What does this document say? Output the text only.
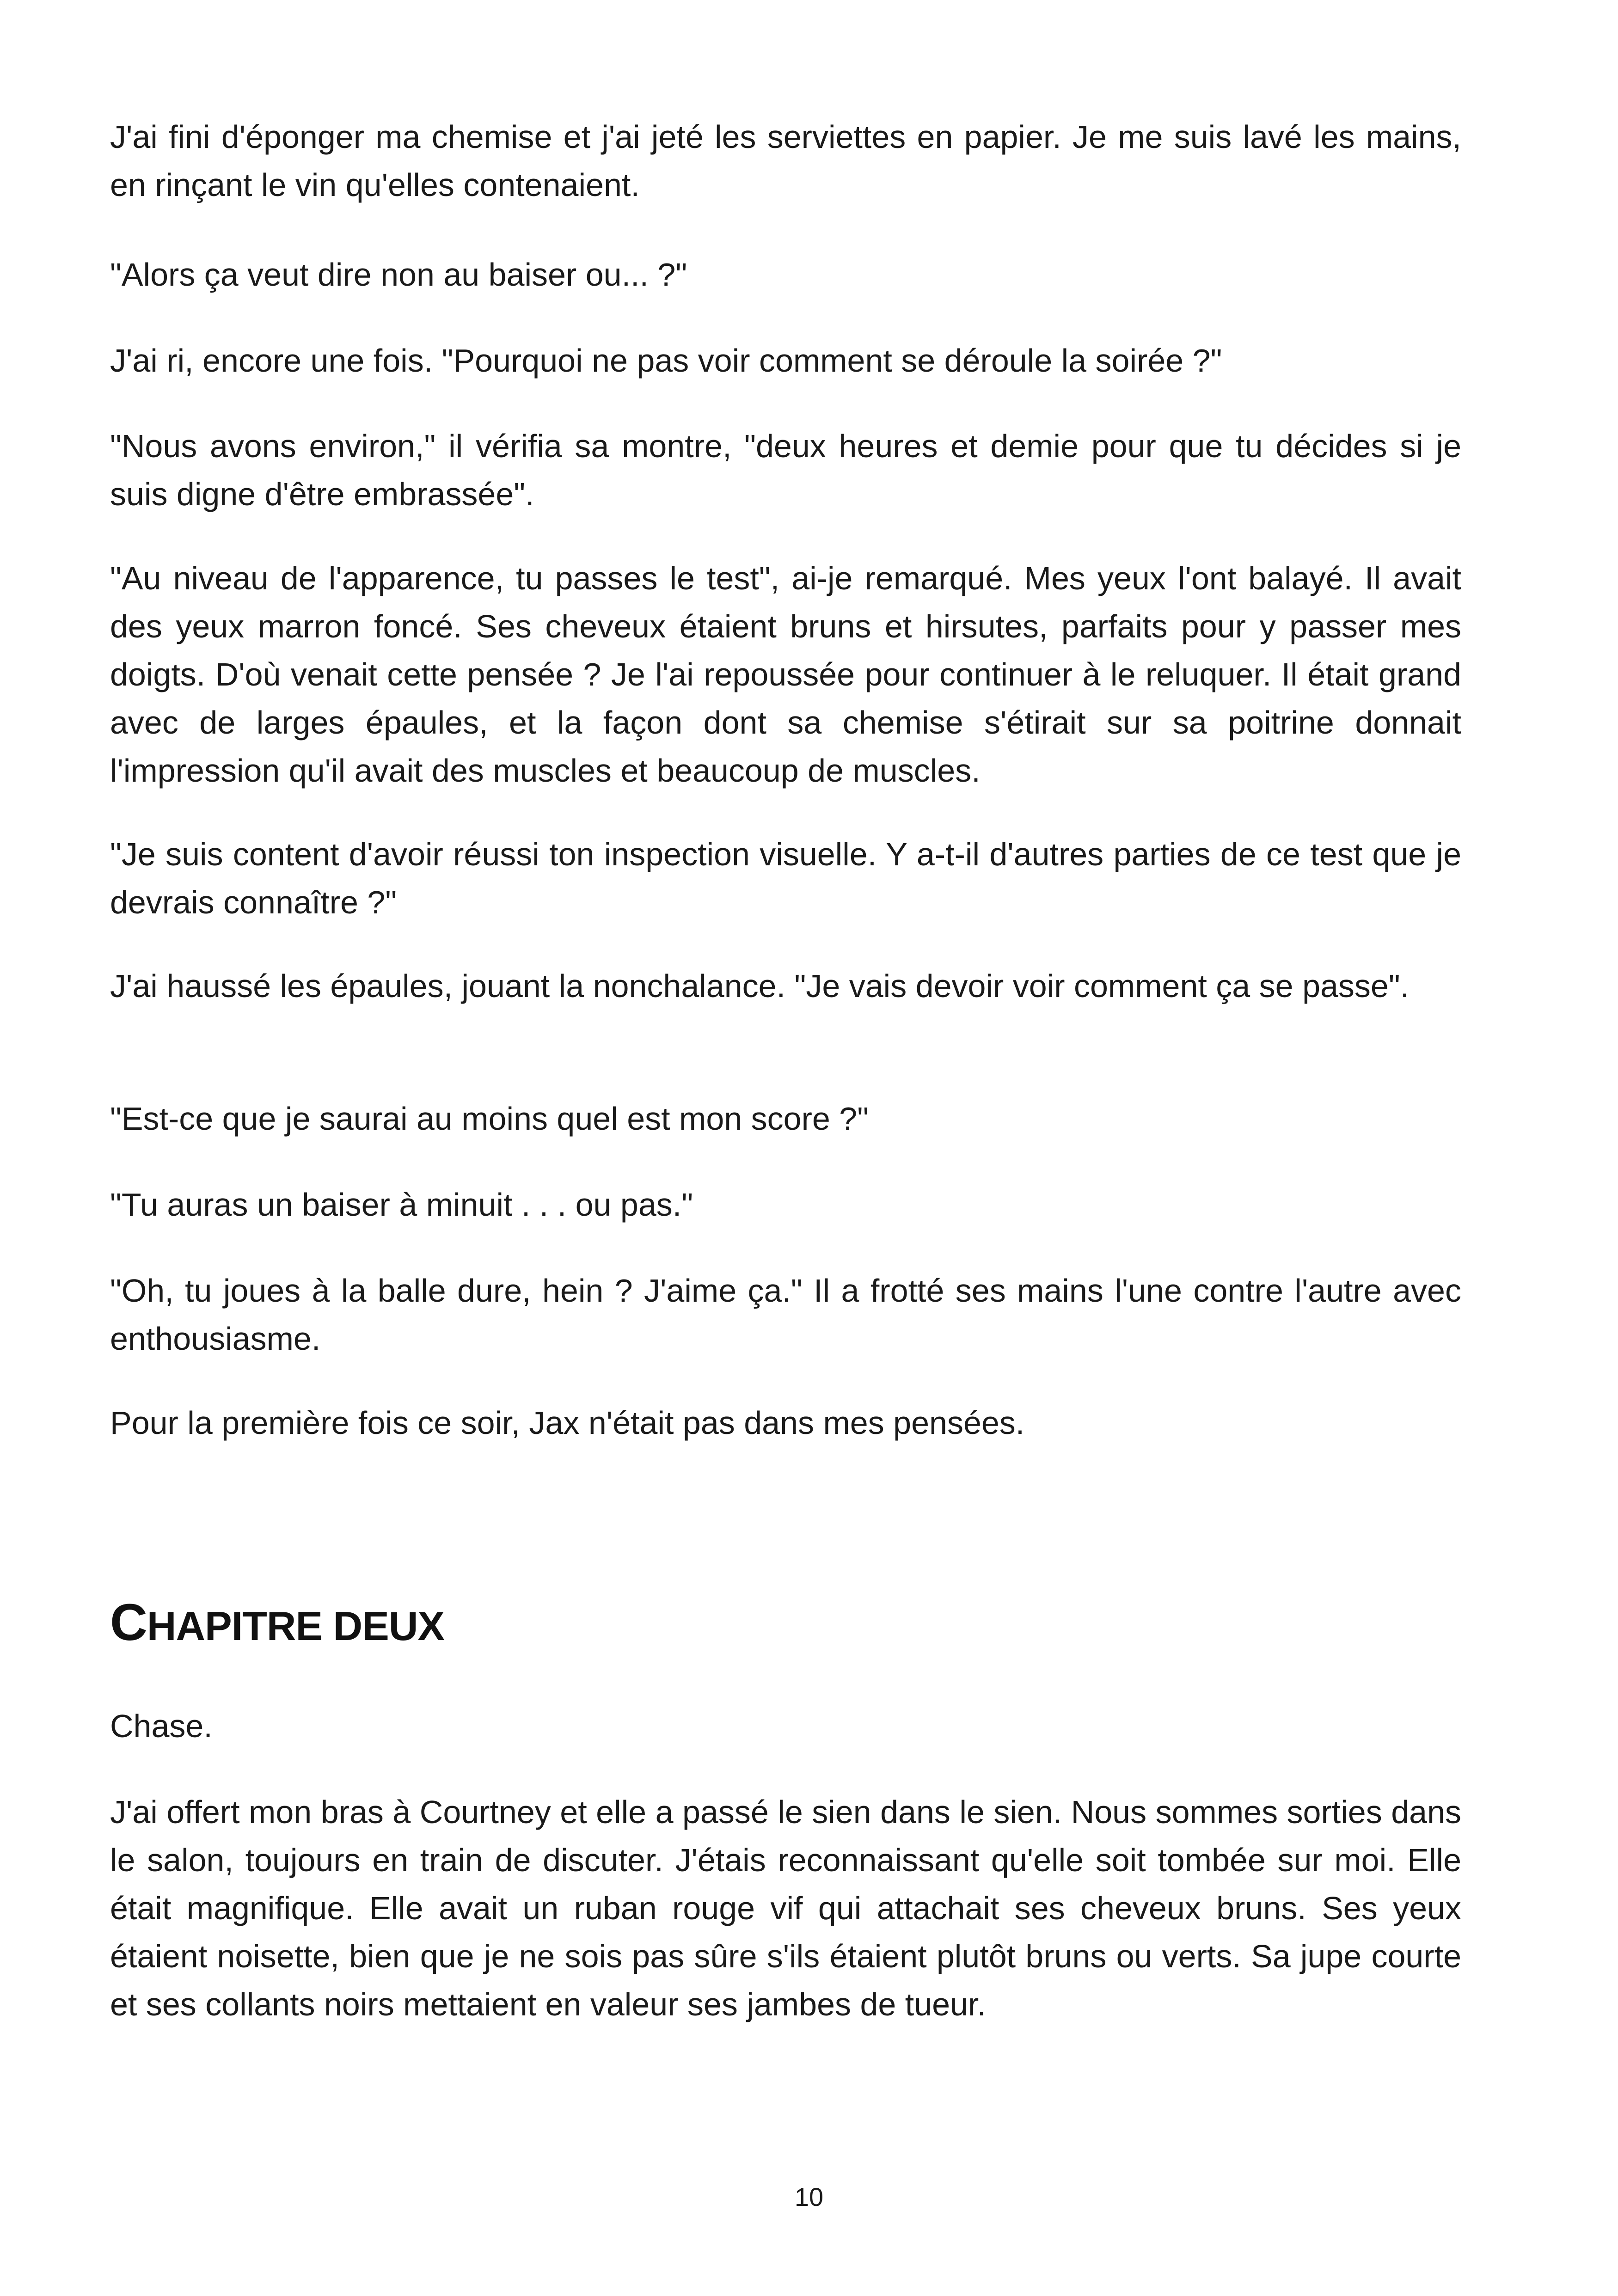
J'ai fini d'éponger ma chemise et j'ai jeté les serviettes en papier. Je me suis lavé les mains, en rinçant le vin qu'elles contenaient.

"Alors ça veut dire non au baiser ou... ?"

J'ai ri, encore une fois. "Pourquoi ne pas voir comment se déroule la soirée ?"

"Nous avons environ," il vérifia sa montre, "deux heures et demie pour que tu décides si je suis digne d'être embrassée".

"Au niveau de l'apparence, tu passes le test", ai-je remarqué. Mes yeux l'ont balayé. Il avait des yeux marron foncé. Ses cheveux étaient bruns et hirsutes, parfaits pour y passer mes doigts. D'où venait cette pensée ? Je l'ai repoussée pour continuer à le reluquer. Il était grand avec de larges épaules, et la façon dont sa chemise s'étirait sur sa poitrine donnait l'impression qu'il avait des muscles et beaucoup de muscles.

"Je suis content d'avoir réussi ton inspection visuelle. Y a-t-il d'autres parties de ce test que je devrais connaître ?"

J'ai haussé les épaules, jouant la nonchalance. "Je vais devoir voir comment ça se passe".

"Est-ce que je saurai au moins quel est mon score ?"

"Tu auras un baiser à minuit . . . ou pas."

"Oh, tu joues à la balle dure, hein ? J'aime ça." Il a frotté ses mains l'une contre l'autre avec enthousiasme.

Pour la première fois ce soir, Jax n'était pas dans mes pensées.

CHAPITRE DEUX

Chase.

J'ai offert mon bras à Courtney et elle a passé le sien dans le sien. Nous sommes sorties dans le salon, toujours en train de discuter. J'étais reconnaissant qu'elle soit tombée sur moi. Elle était magnifique. Elle avait un ruban rouge vif qui attachait ses cheveux bruns. Ses yeux étaient noisette, bien que je ne sois pas sûre s'ils étaient plutôt bruns ou verts. Sa jupe courte et ses collants noirs mettaient en valeur ses jambes de tueur.

10
